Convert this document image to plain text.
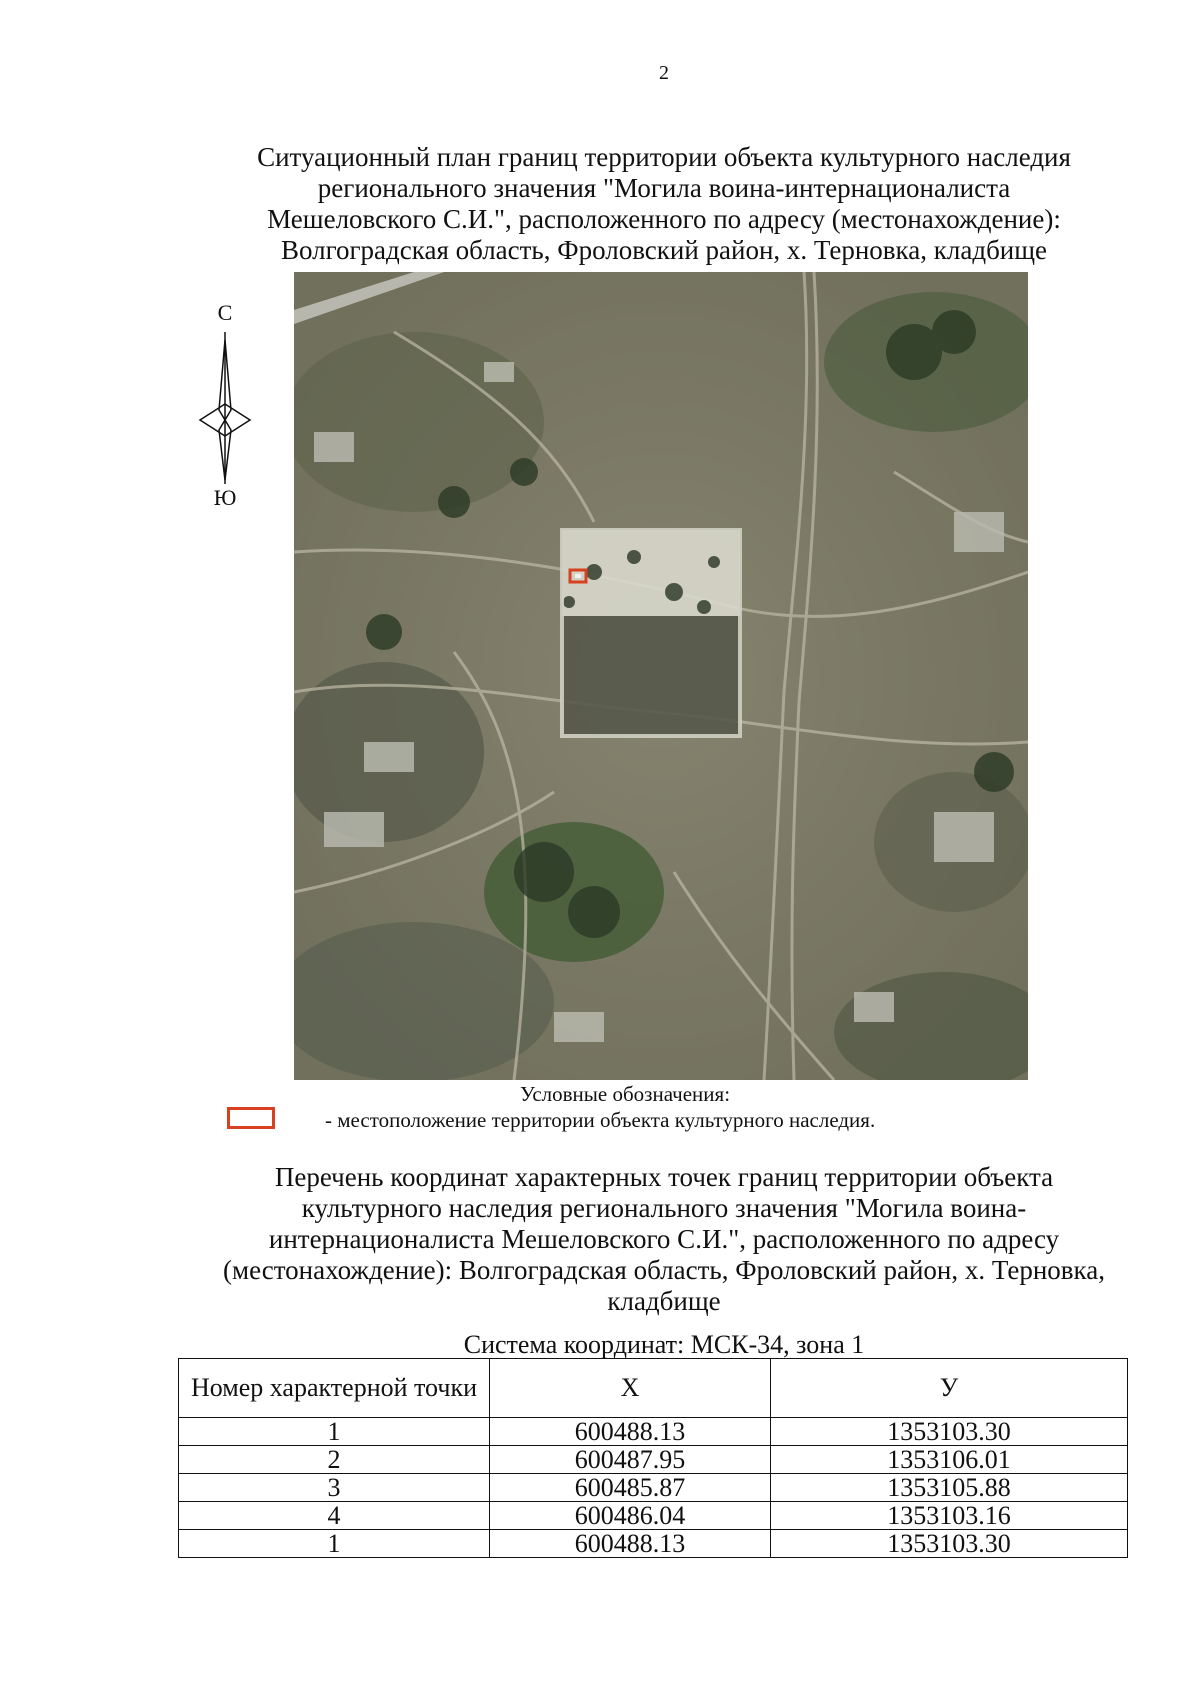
2
Ситуационный план границ территории объекта культурного наследия
регионального значения "Могила воина-интернационалиста
Мешеловского С.И.", расположенного по адресу (местонахождение):
Волгоградская область, Фроловский район, х. Терновка, кладбище
С
Ю
Условные обозначения:
- местоположение территории объекта культурного наследия.
Перечень координат характерных точек границ территории объекта
культурного наследия регионального значения "Могила воина-
интернационалиста Мешеловского С.И.", расположенного по адресу
(местонахождение): Волгоградская область, Фроловский район, х. Терновка,
кладбище
Система координат: МСК-34, зона 1
Номер характерной точки	Х	У
1	600488.13	1353103.30
2	600487.95	1353106.01
3	600485.87	1353105.88
4	600486.04	1353103.16
1	600488.13	1353103.30
